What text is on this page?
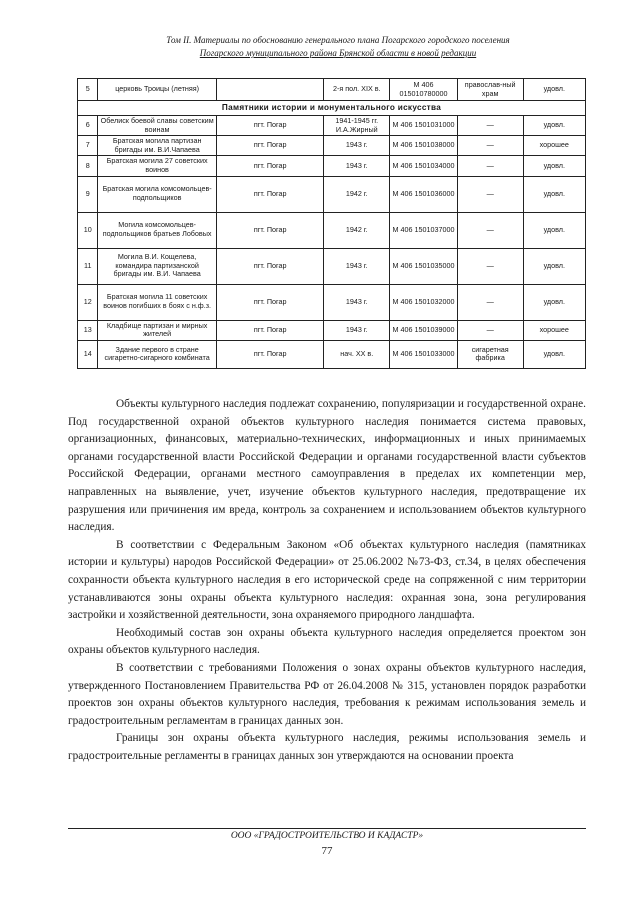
Том II. Материалы по обоснованию генерального плана Погарского городского поселения
Погарского муниципального района Брянской области в новой редакции
5	церковь Троицы (летняя)		2-я пол. XIX в.	М 406 015010780000	православ-ный храм	удовл.
Памятники истории и монументального искусства						
6	Обелиск боевой славы советским воинам	пгт. Погар	1941-1945 гг. И.А.Жирный	М 406 1501031000	—	удовл.
7	Братская могила партизан бригады им. В.И.Чапаева	пгт. Погар	1943 г.	М 406 1501038000	—	хорошее
8	Братская могила 27 советских воинов	пгт. Погар	1943 г.	М 406 1501034000	—	удовл.
9	Братская могила комсомольцев-подпольщиков	пгт. Погар	1942 г.	М 406 1501036000	—	удовл.
10	Могила комсомольцев-подпольщиков братьев Лобовых	пгт. Погар	1942 г.	М 406 1501037000	—	удовл.
11	Могила В.И. Кощелева, командира партизанской бригады им. В.И. Чапаева	пгт. Погар	1943 г.	М 406 1501035000	—	удовл.
12	Братская могила 11 советских воинов погибших в боях с н.ф.з.	пгт. Погар	1943 г.	М 406 1501032000	—	удовл.
13	Кладбище партизан и мирных жителей	пгт. Погар	1943 г.	М 406 1501039000	—	хорошее
14	Здание первого в стране сигаретно-сигарного комбината	пгт. Погар	нач. XX в.	М 406 1501033000	сигаретная фабрика	удовл.

Объекты культурного наследия подлежат сохранению, популяризации и государственной охране. Под государственной охраной объектов культурного наследия понимается система правовых, организационных, финансовых, материально-технических, информационных и иных принимаемых органами государственной власти Российской Федерации и органами государственной власти субъектов Российской Федерации, органами местного самоуправления в пределах их компетенции мер, направленных на выявление, учет, изучение объектов культурного наследия, предотвращение их разрушения или причинения им вреда, контроль за сохранением и использованием объектов культурного наследия.

В соответствии с Федеральным Законом «Об объектах культурного наследия (памятниках истории и культуры) народов Российской Федерации» от 25.06.2002 №73-ФЗ, ст.34, в целях обеспечения сохранности объекта культурного наследия в его исторической среде на сопряженной с ним территории устанавливаются зоны охраны объекта культурного наследия: охранная зона, зона регулирования застройки и хозяйственной деятельности, зона охраняемого природного ландшафта.

Необходимый состав зон охраны объекта культурного наследия определяется проектом зон охраны объектов культурного наследия.

В соответствии с требованиями Положения о зонах охраны объектов культурного наследия, утвержденного Постановлением Правительства РФ от 26.04.2008 № 315, установлен порядок разработки проектов зон охраны объектов культурного наследия, требования к режимам использования земель и градостроительным регламентам в границах данных зон.

Границы зон охраны объекта культурного наследия, режимы использования земель и градостроительные регламенты в границах данных зон утверждаются на основании проекта

ООО «ГРАДОСТРОИТЕЛЬСТВО И КАДАСТР»
77
